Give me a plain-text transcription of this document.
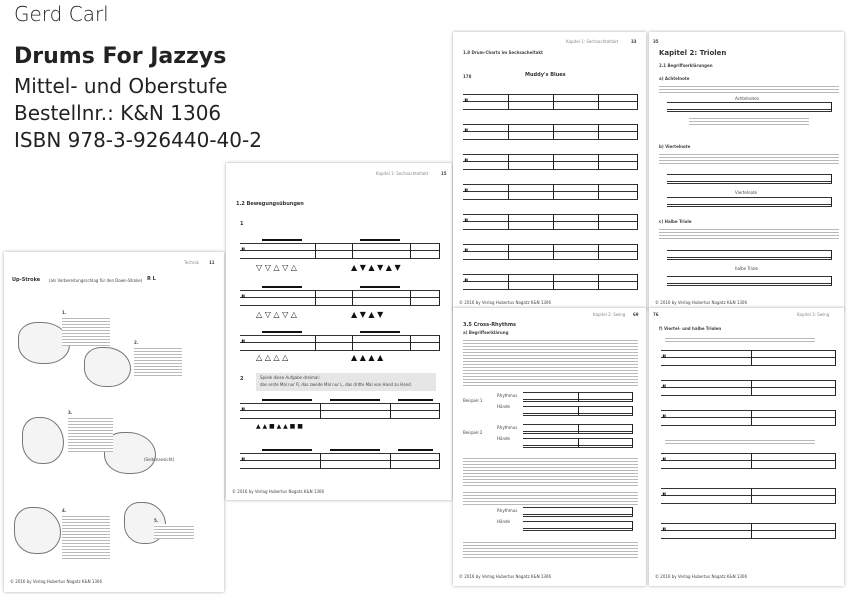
Gerd Carl
Drums For Jazzys
Mittel- und Oberstufe
Bestellnr.: K&N 1306
ISBN 978-3-926440-40-2
Technik	11
Up-Stroke (als Vorbereitungsschlag für den Down-Stroke) R L
1.
2.
3.
(Seitenansicht)
4.
5.
© 2016 by Verlag Hubertus Nogatz K&N 1306
Kapitel 1: Sechsachteltakt	15
1.2 Bewegungsübungen
1
𝄥
▽ ▽ △ ▽ △	▲ ▼ ▲ ▼ ▲ ▼
𝄥
△ ▽ △ ▽ △	▲ ▼ ▲ ▼
𝄥
△ △ △ △	▲ ▲ ▲ ▲
2	Spiele diese Aufgabe dreimal:
das erste Mal nur R, das zweite Mal nur L, das dritte Mal von Hand zu Hand.
𝄥
▲ ▲ ■ ▲ ▲ ■ ■
𝄥
© 2016 by Verlag Hubertus Nogatz K&N 1306
Kapitel 1: Sechsachteltakt	33
1.8 Drum-Charts im Sechsacheltakt
178	Muddy's Blues
𝄥
𝄥
𝄥
𝄥
𝄥
𝄥
𝄥
© 2016 by Verlag Hubertus Nogatz K&N 1306
Kapitel 2: Swing 69
3.5 Cross-Rhythms
a) Begriffserklärung
Beispiel 1
Rhythmus
Hände
Beispiel 2
Rhythmus
Hände
Rhythmus
Hände
© 2016 by Verlag Hubertus Nogatz K&N 1306
35
Kapitel 2: Triolen
2.1 Begriffserklärungen
a) Achtelnote
Achtelnoten
b) Viertelnote
Viertelnote
c) Halbe Triole
halbe Triole
© 2016 by Verlag Hubertus Nogatz K&N 1306
76	Kapitel 3: Swing
f) Viertel- und halbe Triolen
𝄥
𝄥
𝄥
𝄥
𝄥
𝄥
© 2016 by Verlag Hubertus Nogatz K&N 1306
